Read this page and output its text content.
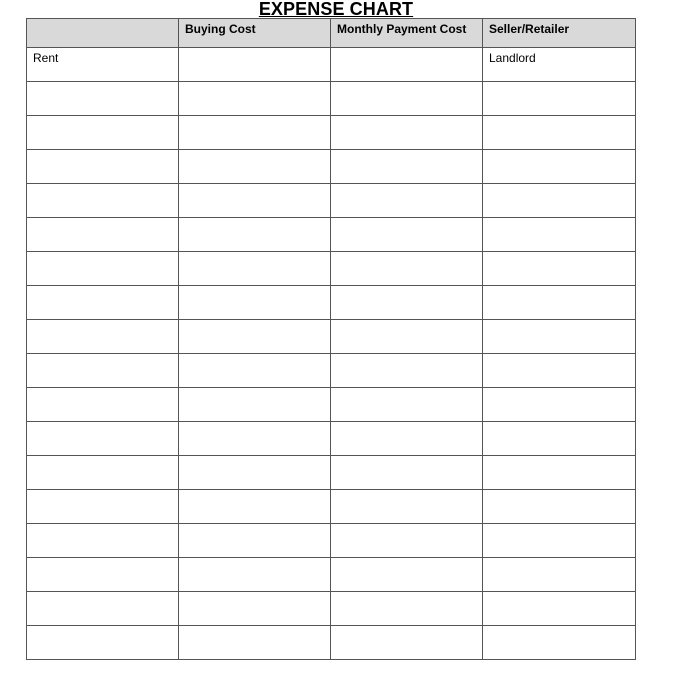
EXPENSE CHART
	Buying Cost	Monthly Payment Cost	Seller/Retailer
Rent			Landlord
